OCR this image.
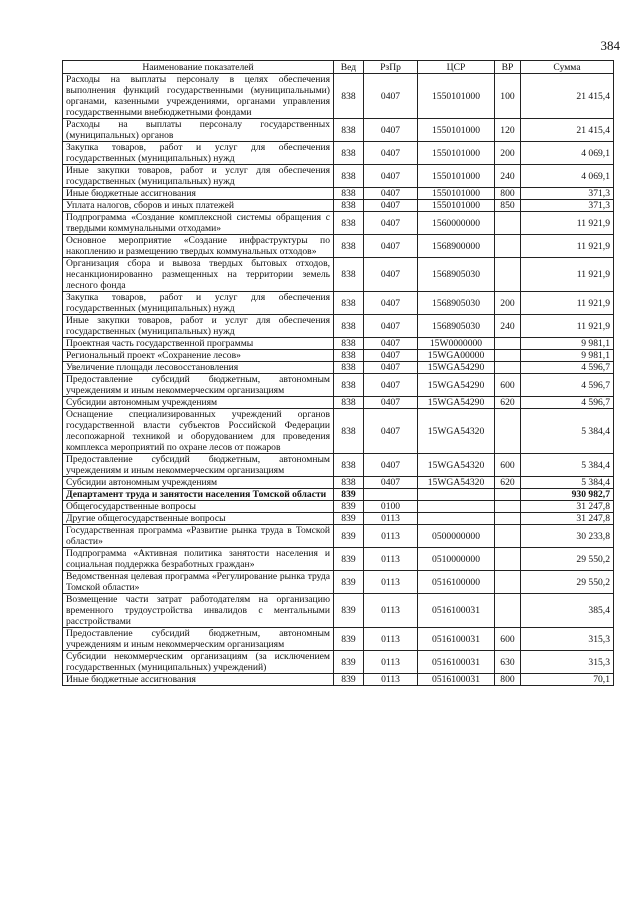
384
Наименование показателей	Вед	РзПр	ЦСР	ВР	Сумма
Расходы на выплаты персоналу в целях обеспечения выполнения функций государственными (муниципальными) органами, казенными учреждениями, органами управления государственными внебюджетными фондами	838	0407	1550101000	100	21 415,4
Расходы на выплаты персоналу государственных (муниципальных) органов	838	0407	1550101000	120	21 415,4
Закупка товаров, работ и услуг для обеспечения государственных (муниципальных) нужд	838	0407	1550101000	200	4 069,1
Иные закупки товаров, работ и услуг для обеспечения государственных (муниципальных) нужд	838	0407	1550101000	240	4 069,1
Иные бюджетные ассигнования	838	0407	1550101000	800	371,3
Уплата налогов, сборов и иных платежей	838	0407	1550101000	850	371,3
Подпрограмма «Создание комплексной системы обращения с твердыми коммунальными отходами»	838	0407	1560000000		11 921,9
Основное мероприятие «Создание инфраструктуры по накоплению и размещению твердых коммунальных отходов»	838	0407	1568900000		11 921,9
Организация сбора и вывоза твердых бытовых отходов, несанкционированно размещенных на территории земель лесного фонда	838	0407	1568905030		11 921,9
Закупка товаров, работ и услуг для обеспечения государственных (муниципальных) нужд	838	0407	1568905030	200	11 921,9
Иные закупки товаров, работ и услуг для обеспечения государственных (муниципальных) нужд	838	0407	1568905030	240	11 921,9
Проектная часть государственной программы	838	0407	15W0000000		9 981,1
Региональный проект «Сохранение лесов»	838	0407	15WGA00000		9 981,1
Увеличение площади лесовосстановления	838	0407	15WGA54290		4 596,7
Предоставление субсидий бюджетным, автономным учреждениям и иным некоммерческим организациям	838	0407	15WGA54290	600	4 596,7
Субсидии автономным учреждениям	838	0407	15WGA54290	620	4 596,7
Оснащение специализированных учреждений органов государственной власти субъектов Российской Федерации лесопожарной техникой и оборудованием для проведения комплекса мероприятий по охране лесов от пожаров	838	0407	15WGA54320		5 384,4
Предоставление субсидий бюджетным, автономным учреждениям и иным некоммерческим организациям	838	0407	15WGA54320	600	5 384,4
Субсидии автономным учреждениям	838	0407	15WGA54320	620	5 384,4
Департамент труда и занятости населения Томской области	839				930 982,7
Общегосударственные вопросы	839	0100			31 247,8
Другие общегосударственные вопросы	839	0113			31 247,8
Государственная программа «Развитие рынка труда в Томской области»	839	0113	0500000000		30 233,8
Подпрограмма «Активная политика занятости населения и социальная поддержка безработных граждан»	839	0113	0510000000		29 550,2
Ведомственная целевая программа «Регулирование рынка труда Томской области»	839	0113	0516100000		29 550,2
Возмещение части затрат работодателям на организацию временного трудоустройства инвалидов с ментальными расстройствами	839	0113	0516100031		385,4
Предоставление субсидий бюджетным, автономным учреждениям и иным некоммерческим организациям	839	0113	0516100031	600	315,3
Субсидии некоммерческим организациям (за исключением государственных (муниципальных) учреждений)	839	0113	0516100031	630	315,3
Иные бюджетные ассигнования	839	0113	0516100031	800	70,1
